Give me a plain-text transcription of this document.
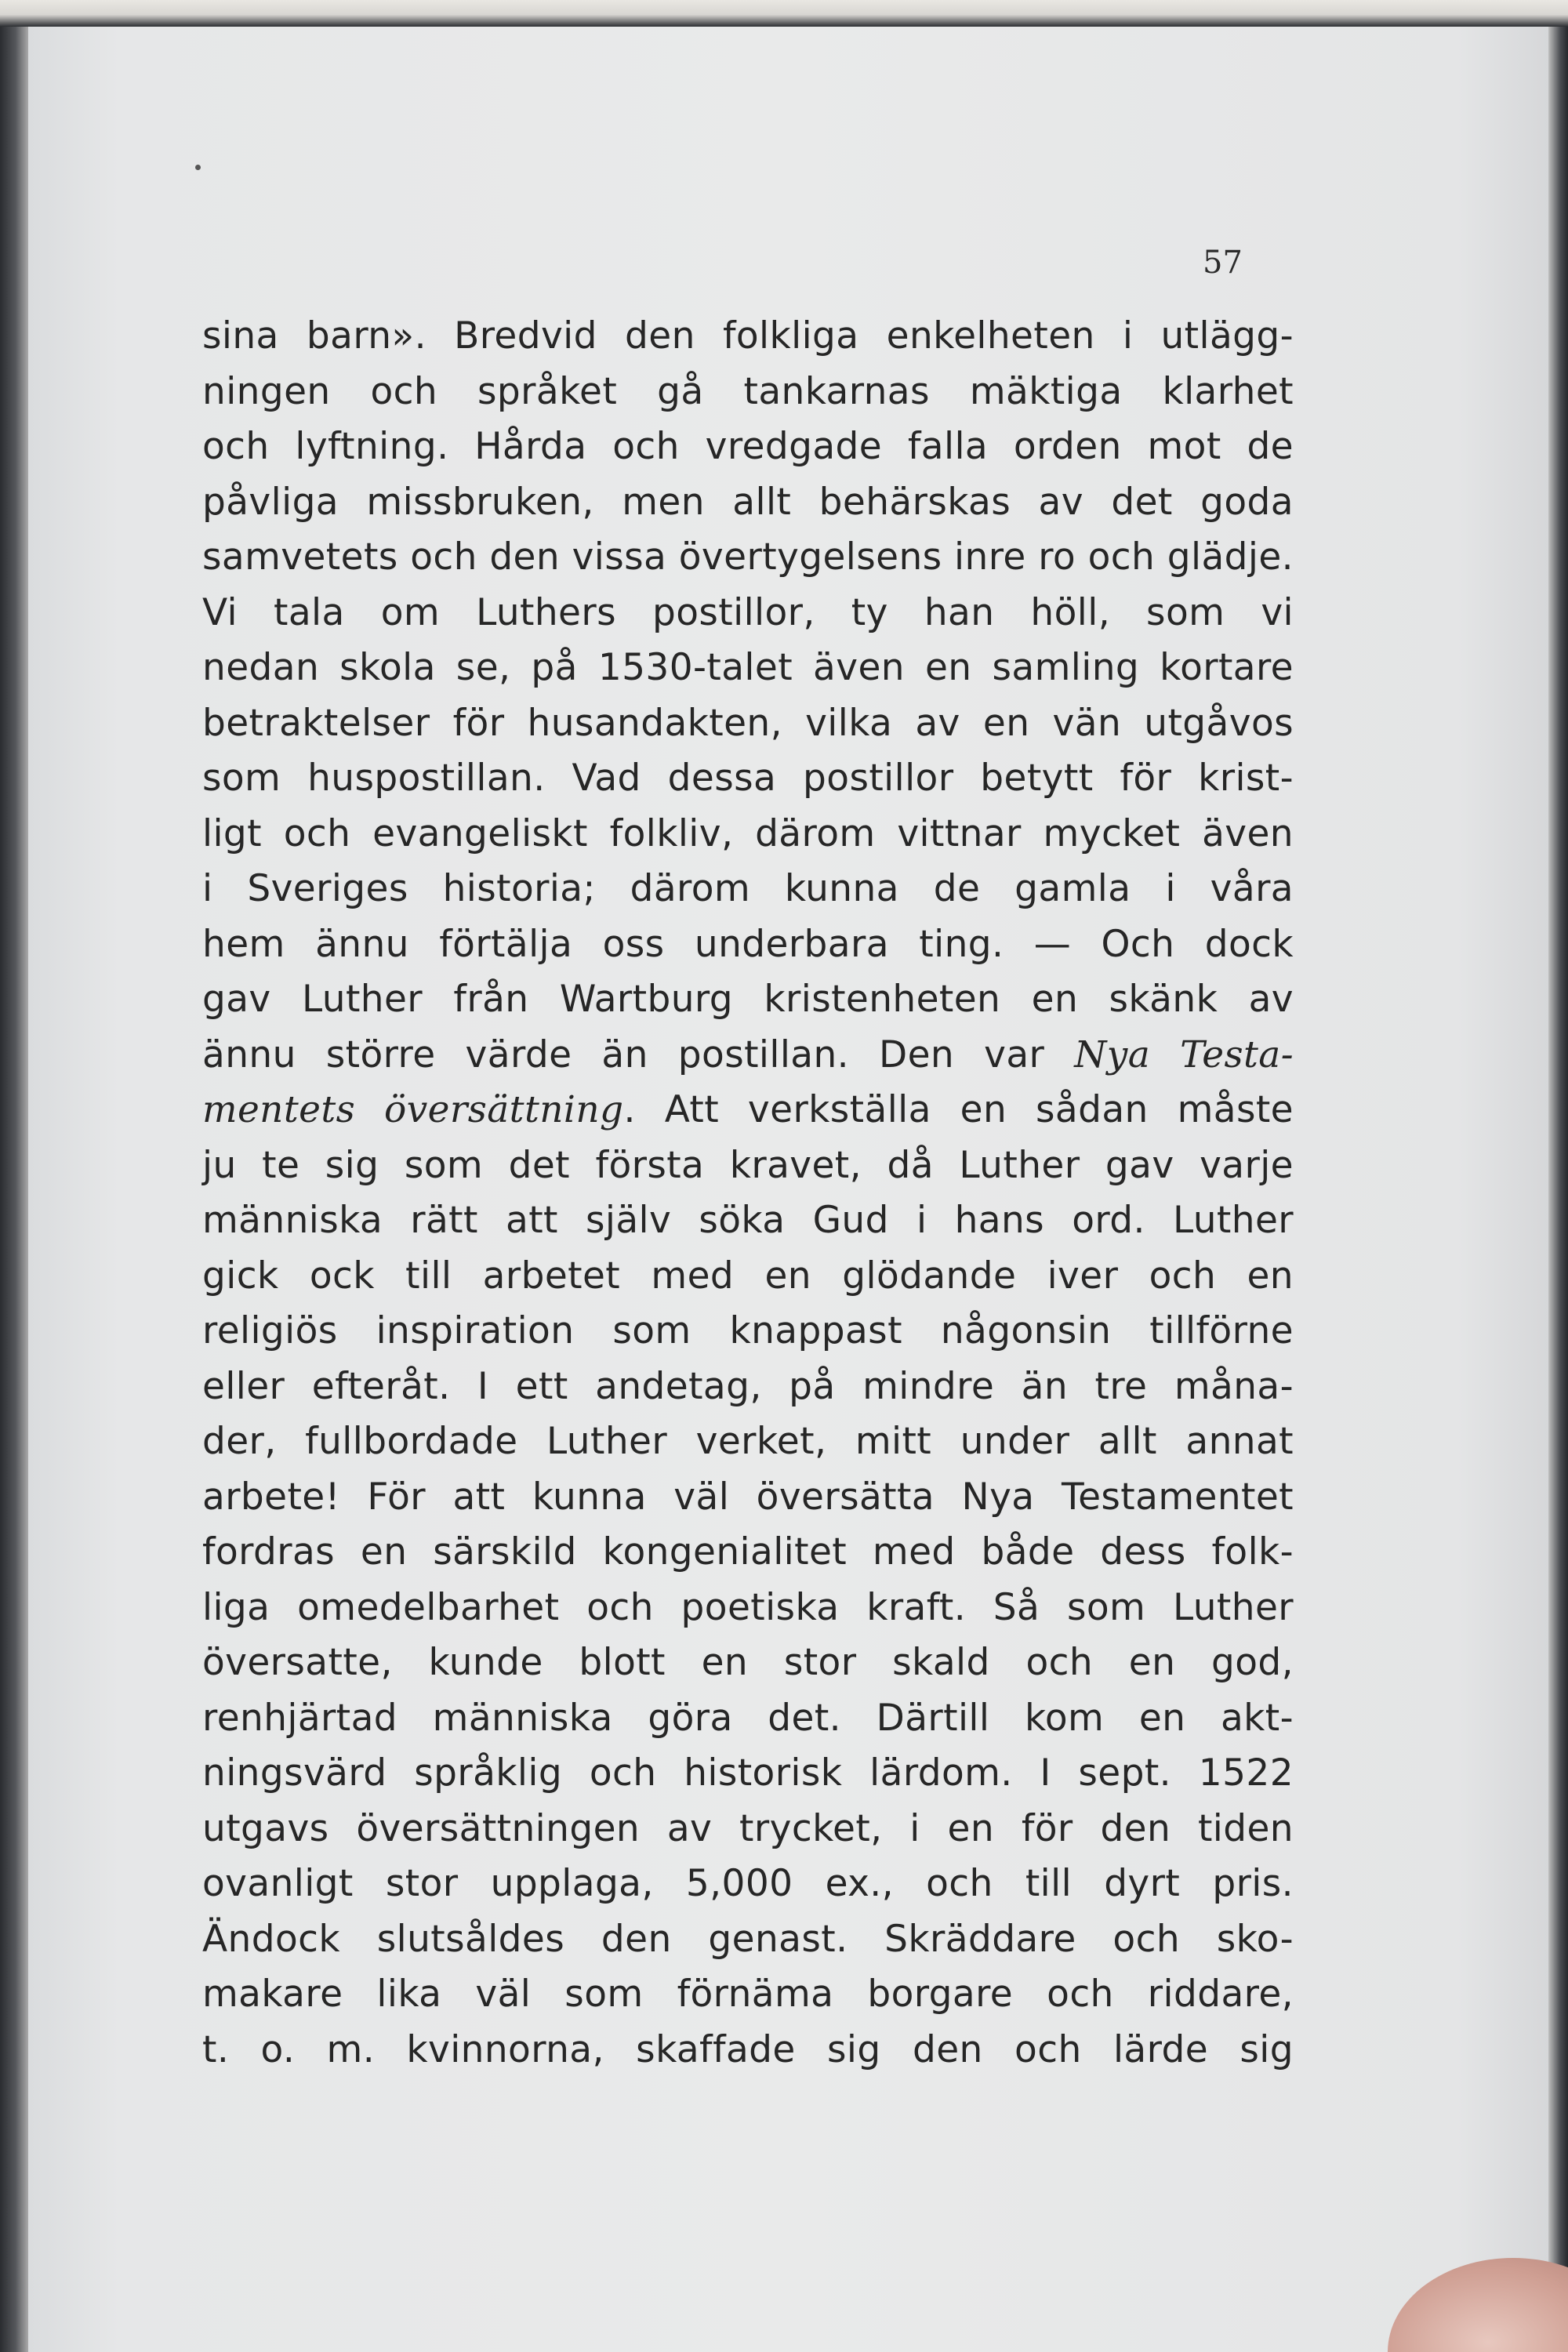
57

sina barn». Bredvid den folkliga enkelheten i utlägg-
ningen och språket gå tankarnas mäktiga klarhet
och lyftning. Hårda och vredgade falla orden mot de
påvliga missbruken, men allt behärskas av det goda
samvetets och den vissa övertygelsens inre ro och glädje.
Vi tala om Luthers postillor, ty han höll, som vi
nedan skola se, på 1530-talet även en samling kortare
betraktelser för husandakten, vilka av en vän utgåvos
som huspostillan. Vad dessa postillor betytt för krist-
ligt och evangeliskt folkliv, därom vittnar mycket även
i Sveriges historia; därom kunna de gamla i våra
hem ännu förtälja oss underbara ting. — Och dock
gav Luther från Wartburg kristenheten en skänk av
ännu större värde än postillan. Den var Nya Testa-
mentets översättning. Att verkställa en sådan måste
ju te sig som det första kravet, då Luther gav varje
människa rätt att själv söka Gud i hans ord. Luther
gick ock till arbetet med en glödande iver och en
religiös inspiration som knappast någonsin tillförne
eller efteråt. I ett andetag, på mindre än tre måna-
der, fullbordade Luther verket, mitt under allt annat
arbete! För att kunna väl översätta Nya Testamentet
fordras en särskild kongenialitet med både dess folk-
liga omedelbarhet och poetiska kraft. Så som Luther
översatte, kunde blott en stor skald och en god,
renhjärtad människa göra det. Därtill kom en akt-
ningsvärd språklig och historisk lärdom. I sept. 1522
utgavs översättningen av trycket, i en för den tiden
ovanligt stor upplaga, 5,000 ex., och till dyrt pris.
Ändock slutsåldes den genast. Skräddare och sko-
makare lika väl som förnäma borgare och riddare,
t. o. m. kvinnorna, skaffade sig den och lärde sig
